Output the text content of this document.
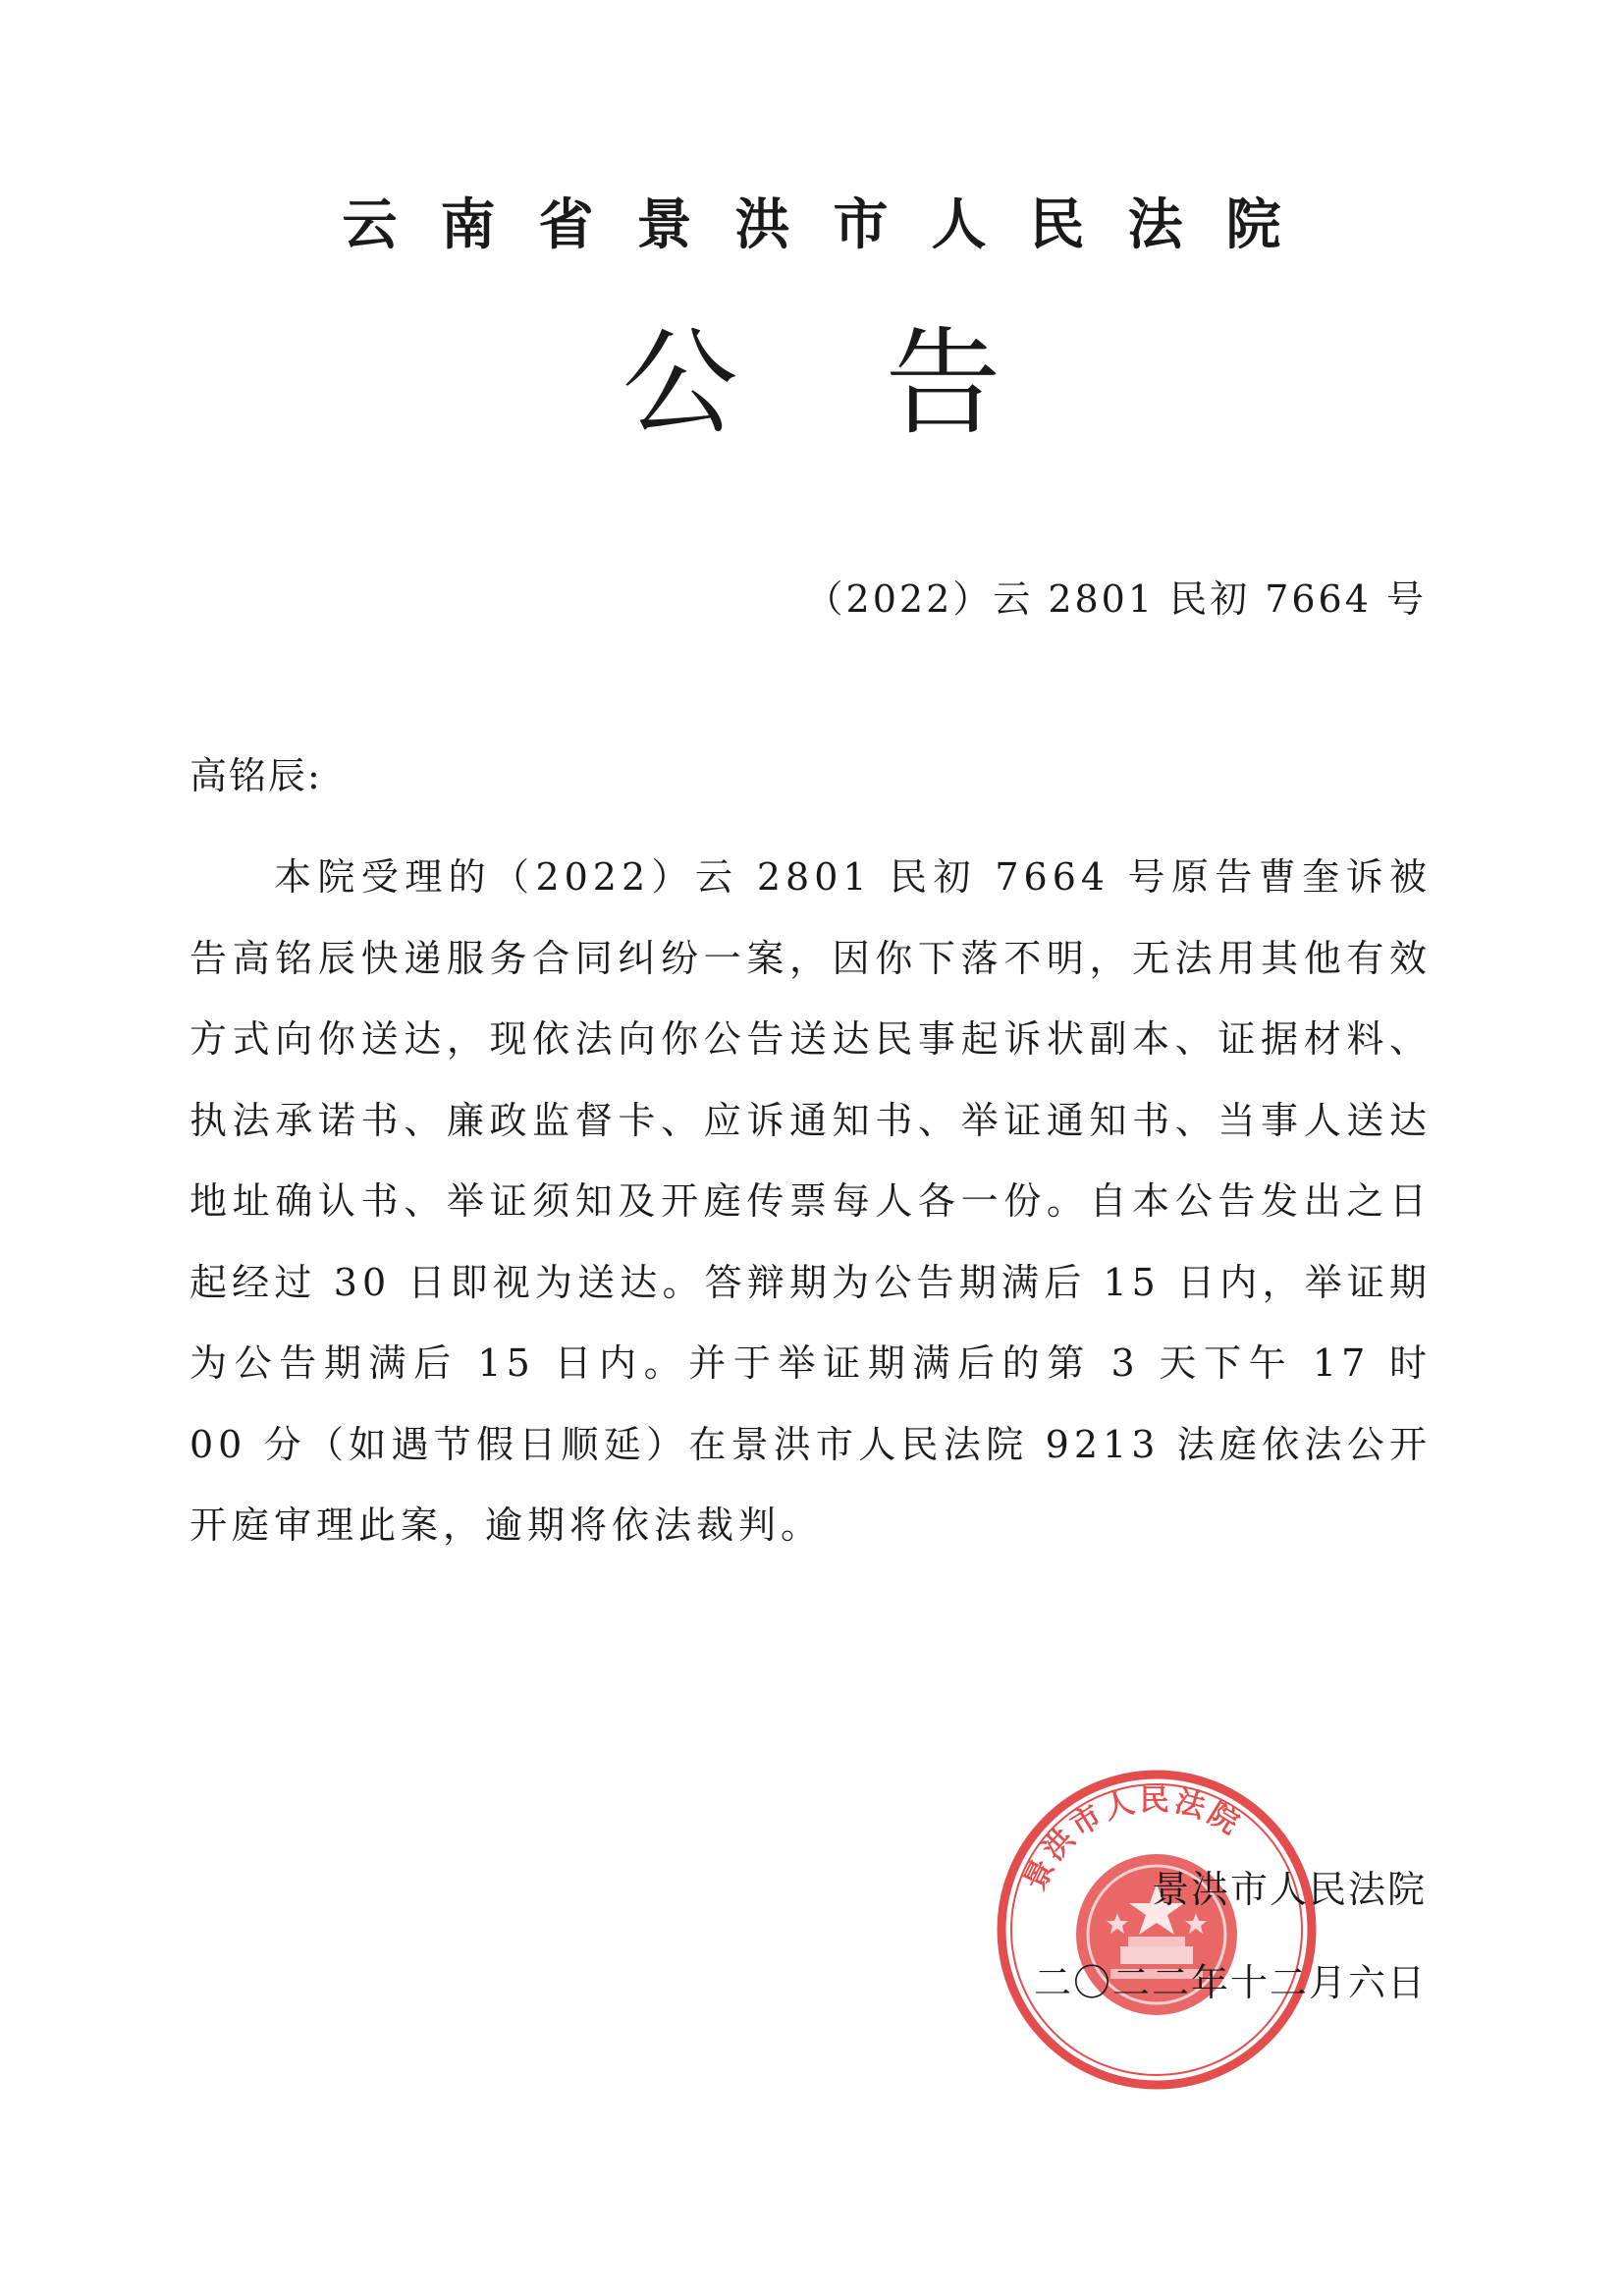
云南省景洪市人民法院
公告
（2022）云 2801 民初 7664 号
高铭辰:

本院受理的（2022）云 2801 民初 7664 号原告曹奎诉被告高铭辰快递服务合同纠纷一案，因你下落不明，无法用其他有效方式向你送达，现依法向你公告送达民事起诉状副本、证据材料、执法承诺书、廉政监督卡、应诉通知书、举证通知书、当事人送达地址确认书、举证须知及开庭传票每人各一份。自本公告发出之日起经过 30 日即视为送达。答辩期为公告期满后 15 日内，举证期为公告期满后 15 日内。并于举证期满后的第 3 天下午 17 时 00 分（如遇节假日顺延）在景洪市人民法院 9213 法庭依法公开开庭审理此案，逾期将依法裁判。

景洪市人民法院
景洪市人民法院
二〇二二年十二月六日
